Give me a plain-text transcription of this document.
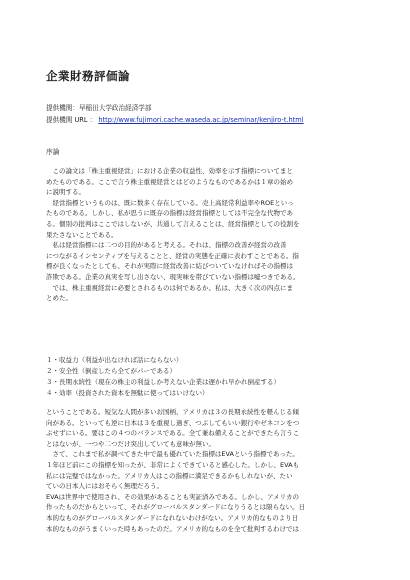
企業財務評価論
提供機関：早稲田大学政治経済学部
提供機関 URL ： http://www.fujimori.cache.waseda.ac.jp/seminar/kenjiro-t.html
序論
　この論文は「株主重視経営」における企業の収益性、効率を示す指標についてまと
めたものである。ここで言う株主重視経営とはどのようなものであるかは１章の始め
に説明する。
　経営指標というものは、既に数多く存在している。売上高経常利益率やROEといっ
たものである。しかし、私が思うに既存の指標は経営指標としては不完全な代物であ
る。個別の批判はここではしないが、共通して言えることは、経営指標としての役割を
果たさないことである。
　私は経営指標には二つの目的があると考える。それは、指標の改善が経営の改善
につながるインセンティブを与えることと、経営の実態を正確に表わすことである。指
標が良くなったとしても、それが実際に経営改善に結びついていなければその指標は
詐欺である。企業の真実を写し出さない、現実味を帯びていない指標は嘘つきである。
　では、株主重視経営に必要とされるものは何であるか。私は、大きく次の四点にま
とめた。
１・収益力（利益が出なければ話にならない）
２・安全性（倒産したら全てがパーである）
３・長期永続性（現在の株主の利益しか考えない企業は遅かれ早かれ倒産する）
４・効率（投資された資本を無駄に使ってはいけない）
ということである。短気な人間が多いお国柄、アメリカは３の長期永続性を軽んじる傾
向がある。といっても逆に日本は３を重視し過ぎ、つぶしてもいい銀行やゼネコンをつ
ぶせずにいる。要はこの４つのバランスである。全て兼ね備えることができたら言うこ
とはないが、一つや二つだけ突出していても意味が無い。
　さて、これまで私が調べてきた中で最も優れていた指標はEVAという指標であった。
１年ほど前にこの指標を知ったが、非常によくできていると感心した。しかし、EVAも
私には完璧ではなかった。アメリカ人はこの指標に満足できるかもしれないが、たい
ていの日本人にはおそらく無理だろう。
EVAは世界中で使用され、その効果があることも実証済みである。しかし、アメリカの
作ったものだからといって、それがグローバルスタンダードになりうるとは限らない。日
本的なものがグローバルスタンダードになれないわけがない。アメリカ的なものより日
本的なものがうまくいった時もあったのだ。アメリカ的なものを全て批判するわけでは
